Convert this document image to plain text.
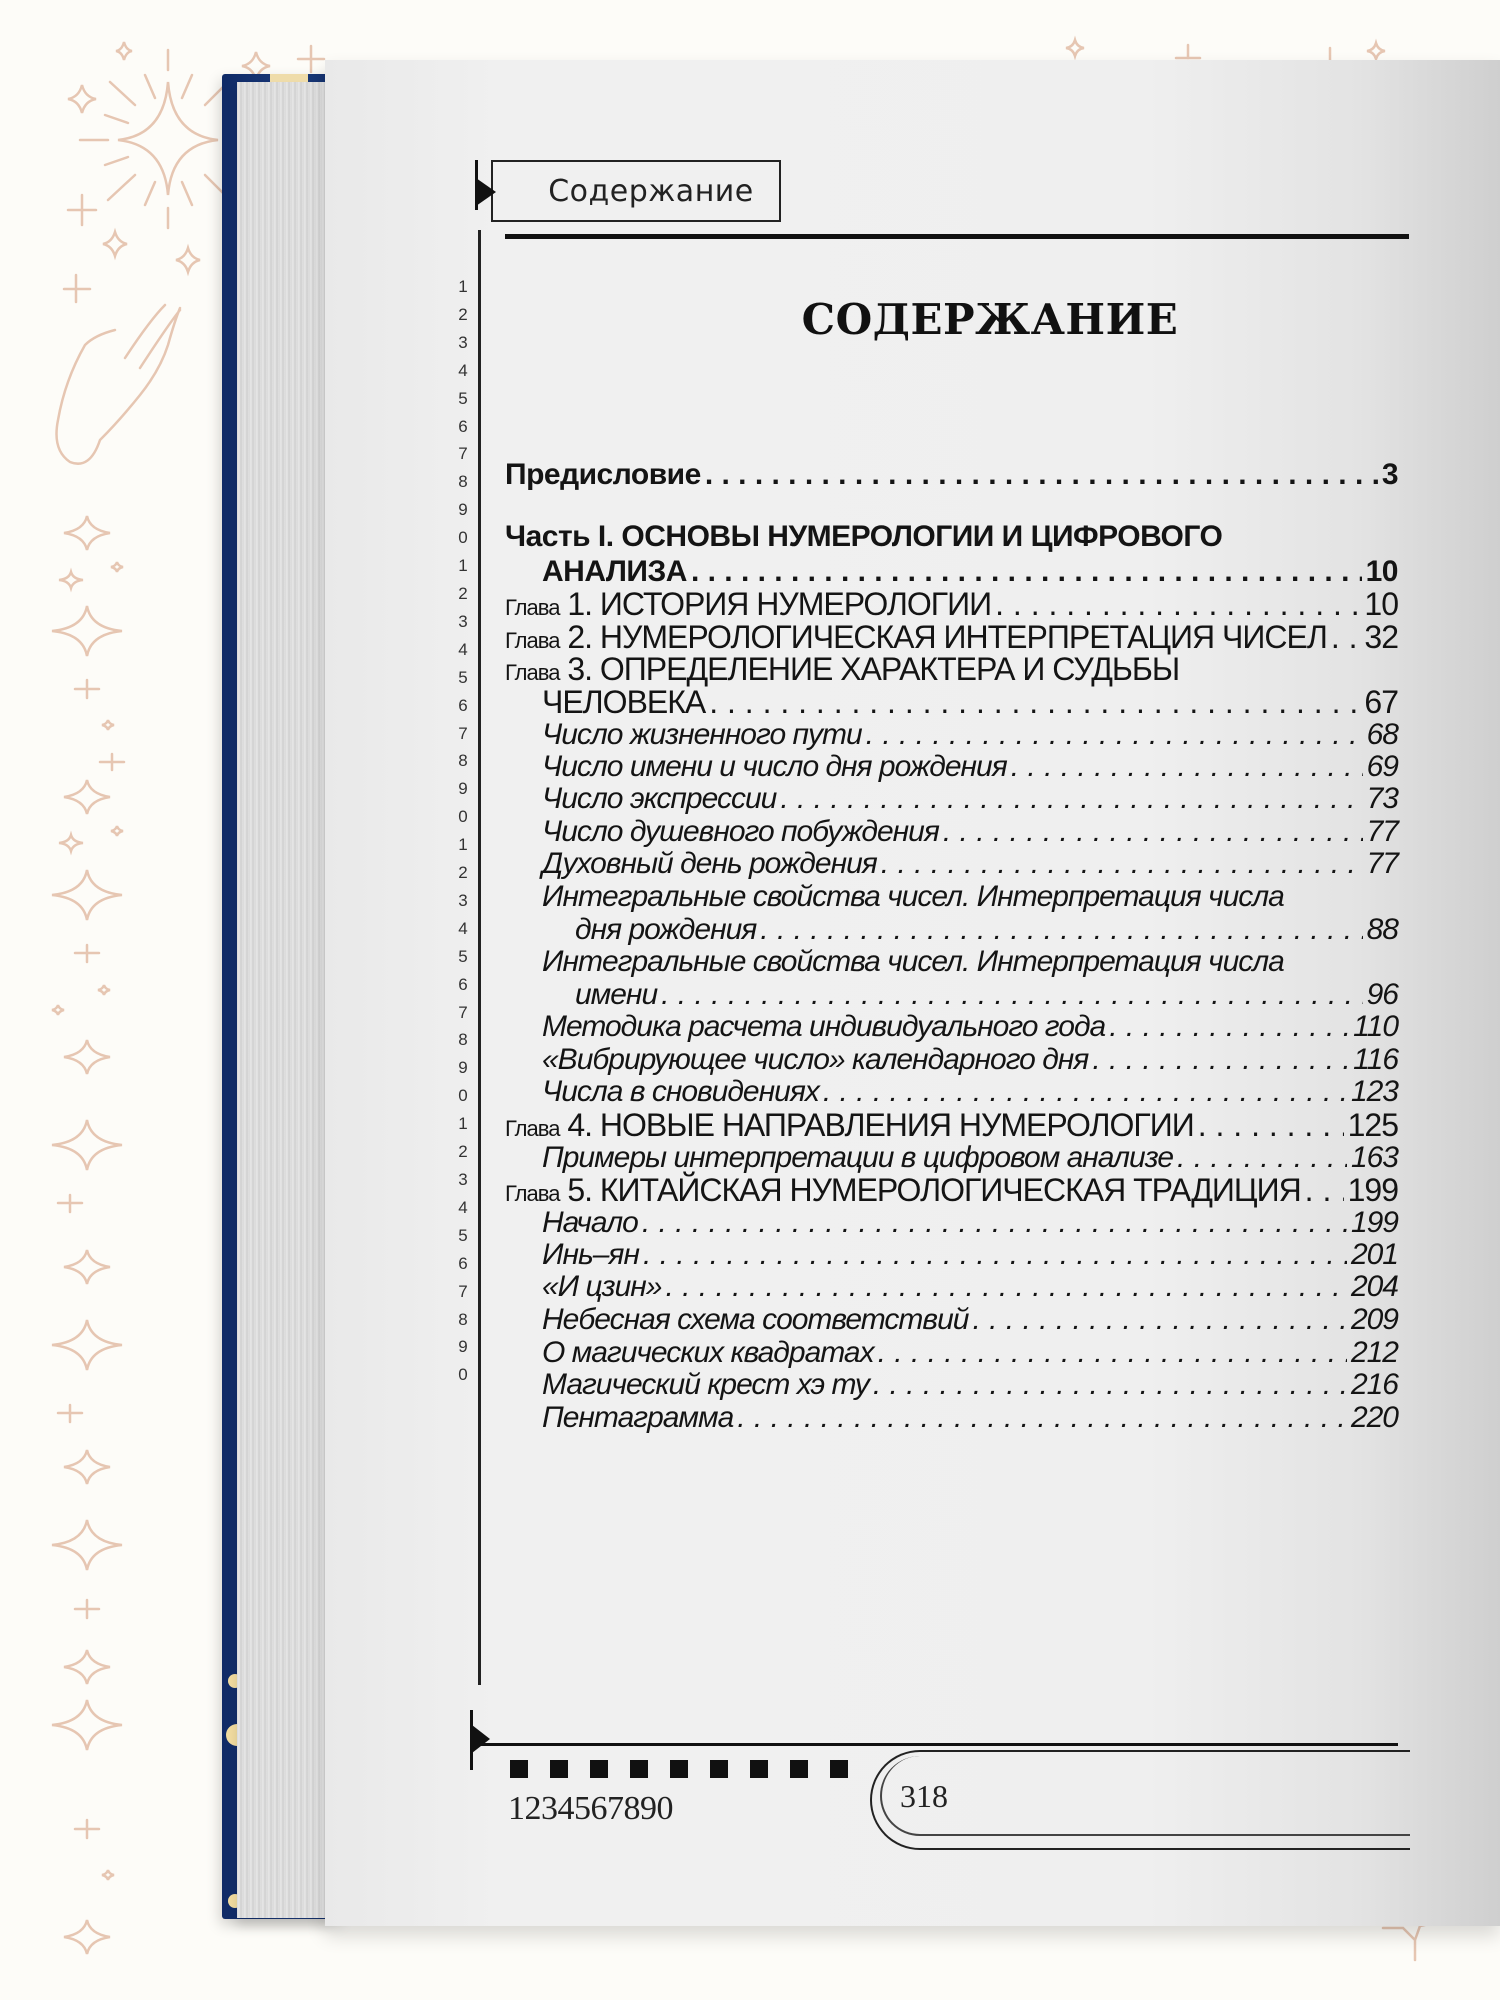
Содержание
1
2
3
4
5
6
7
8
9
0
1
2
3
4
5
6
7
8
9
0
1
2
3
4
5
6
7
8
9
0
1
2
3
4
5
6
7
8
9
0
СОДЕРЖАНИЕ
Предисловие . . .	3
Часть I. ОСНОВЫ НУМЕРОЛОГИИ И ЦИФРОВОГО
АНАЛИЗА . . .	10
Глава 1. ИСТОРИЯ НУМЕРОЛОГИИ . . .	10
Глава 2. НУМЕРОЛОГИЧЕСКАЯ ИНТЕРПРЕТАЦИЯ ЧИСЕЛ . . . 32
Глава 3. ОПРЕДЕЛЕНИЕ ХАРАКТЕРА И СУДЬБЫ
ЧЕЛОВЕКА . . .	67
Число жизненного пути . . .	68
Число имени и число дня рождения . . .	69
Число экспрессии . . .	73
Число душевного побуждения . . .	77
Духовный день рождения . . .	77
Интегральные свойства чисел. Интерпретация числа
дня рождения . . .	88
Интегральные свойства чисел. Интерпретация числа
имени . . .	96
Методика расчета индивидуального года . . .	110
«Вибрирующее число» календарного дня . . .	116
Числа в сновидениях . . .	123
Глава 4. НОВЫЕ НАПРАВЛЕНИЯ НУМЕРОЛОГИИ . . .	125
Примеры интерпретации в цифровом анализе . . .	163
Глава 5. КИТАЙСКАЯ НУМЕРОЛОГИЧЕСКАЯ ТРАДИЦИЯ . . . 199
Начало . . .	199
Инь–ян . . .	201
«И цзин» . . .	204
Небесная схема соответствий . . .	209
О магических квадратах . . .	212
Магический крест хэ ту . . .	216
Пентаграмма . . .	220
1234567890	318
